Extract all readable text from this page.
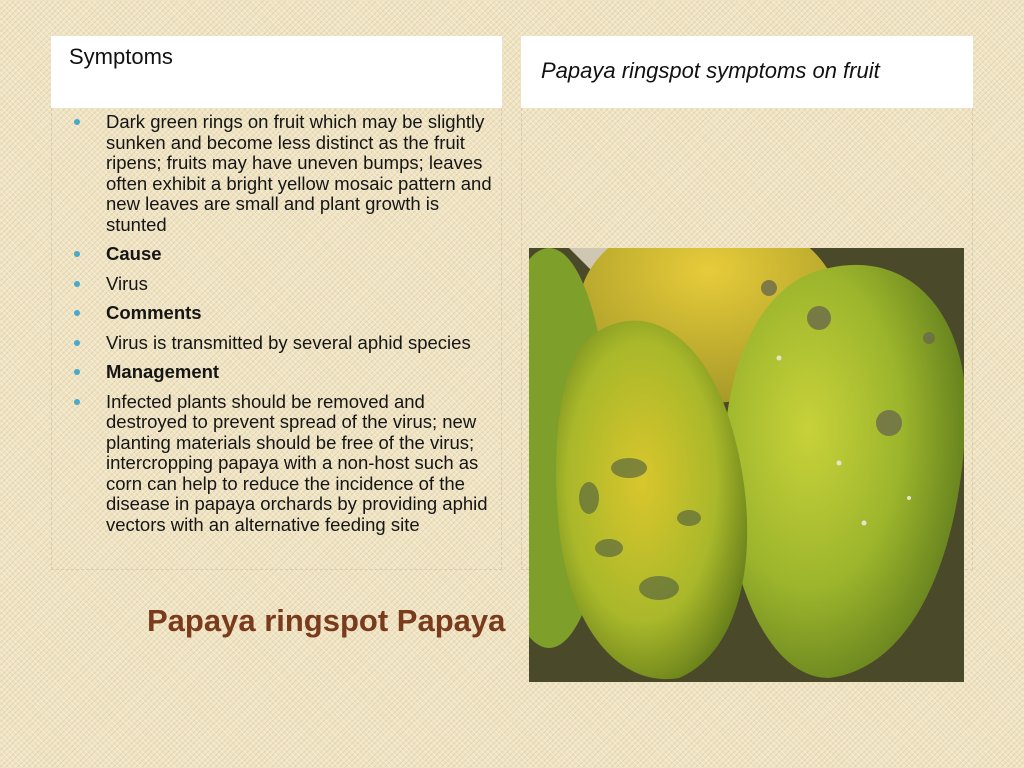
Symptoms
Papaya ringspot symptoms on fruit
Dark green rings on fruit which may be slightly sunken and become less distinct as the fruit ripens; fruits may have uneven bumps; leaves often exhibit a bright yellow mosaic pattern and new leaves are small and plant growth is stunted
Cause
Virus
Comments
Virus is transmitted by several aphid species
Management
Infected plants should be removed and destroyed to prevent spread of the virus; new planting materials should be free of the virus; intercropping papaya with a non-host such as corn can help to reduce the incidence of the disease in papaya orchards by providing aphid vectors with an alternative feeding site
Papaya ringspot Papaya
